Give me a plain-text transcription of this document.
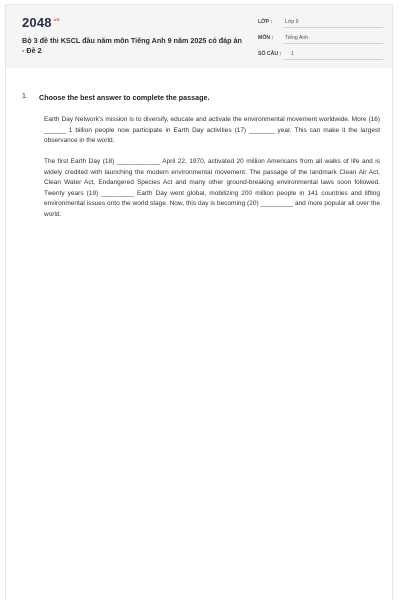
$2048^{.vn}$
Bộ 3 đề thi KSCL đầu năm môn Tiếng Anh 9 năm 2025 có đáp án - Đề 2
LỚP : Lớp 9
MÔN : Tiếng Anh
SỐ CÂU : 1
1. Choose the best answer to complete the passage.
Earth Day Network's mission is to diversify, educate and activate the environmental movement worldwide. More (16) ______ 1 billion people now participate in Earth Day activities (17) _______ year. This can make it the largest observance in the world.
The first Earth Day (18) ____________ April 22, 1970, activated 20 million Americans from all walks of life and is widely credited with launching the modern environmental movement. The passage of the landmark Clean Air Act, Clean Water Act, Endangered Species Act and many other ground-breaking environmental laws soon followed. Twenty years (19) _________ Earth Day went global, mobilizing 200 million people in 141 countries and lifting environmental issues onto the world stage. Now, this day is becoming (20) _________ and more popular all over the world.
